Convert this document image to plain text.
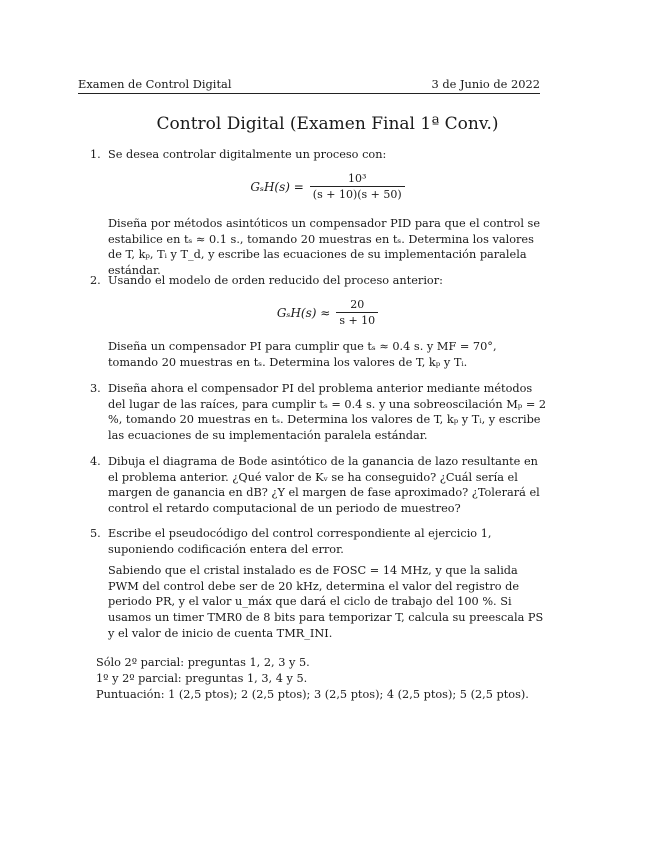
Examen de Control Digital	3 de Junio de 2022
Control Digital (Examen Final 1ª Conv.)
1. Se desea controlar digitalmente un proceso con:

$G_sH(s) = \frac{\text{10³}}{(s + 10)(s + 50)}$

Diseña por métodos asintóticos un compensador PID para que el control se estabilice en tₛ ≈ 0.1 s., tomando 20 muestras en tₛ. Determina los valores de T, kₚ, Tᵢ y T_d, y escribe las ecuaciones de su implementación paralela estándar.

2. Usando el modelo de orden reducido del proceso anterior:

$G_sH(s) \approx \frac{20}{s + 10}$

Diseña un compensador PI para cumplir que tₛ ≈ 0.4 s. y MF = 70°, tomando 20 muestras en tₛ. Determina los valores de T, kₚ y Tᵢ.

3. Diseña ahora el compensador PI del problema anterior mediante métodos del lugar de las raíces, para cumplir tₛ = 0.4 s. y una sobreoscilación Mₚ = 2 %, tomando 20 muestras en tₛ. Determina los valores de T, kₚ y Tᵢ, y escribe las ecuaciones de su implementación paralela estándar.

4. Dibuja el diagrama de Bode asintótico de la ganancia de lazo resultante en el problema anterior. ¿Qué valor de Kᵥ se ha conseguido? ¿Cuál sería el margen de ganancia en dB? ¿Y el margen de fase aproximado? ¿Tolerará el control el retardo computacional de un periodo de muestreo?

5. Escribe el pseudocódigo del control correspondiente al ejercicio 1, suponiendo codificación entera del error.

Sabiendo que el cristal instalado es de FOSC = 14 MHz, y que la salida PWM del control debe ser de 20 kHz, determina el valor del registro de periodo PR, y el valor u_máx que dará el ciclo de trabajo del 100 %. Si usamos un timer TMR0 de 8 bits para temporizar T, calcula su preescala PS y el valor de inicio de cuenta TMR_INI.

Sólo 2º parcial: preguntas 1, 2, 3 y 5.
1º y 2º parcial: preguntas 1, 3, 4 y 5.
Puntuación: 1 (2,5 ptos); 2 (2,5 ptos); 3 (2,5 ptos); 4 (2,5 ptos); 5 (2,5 ptos).
